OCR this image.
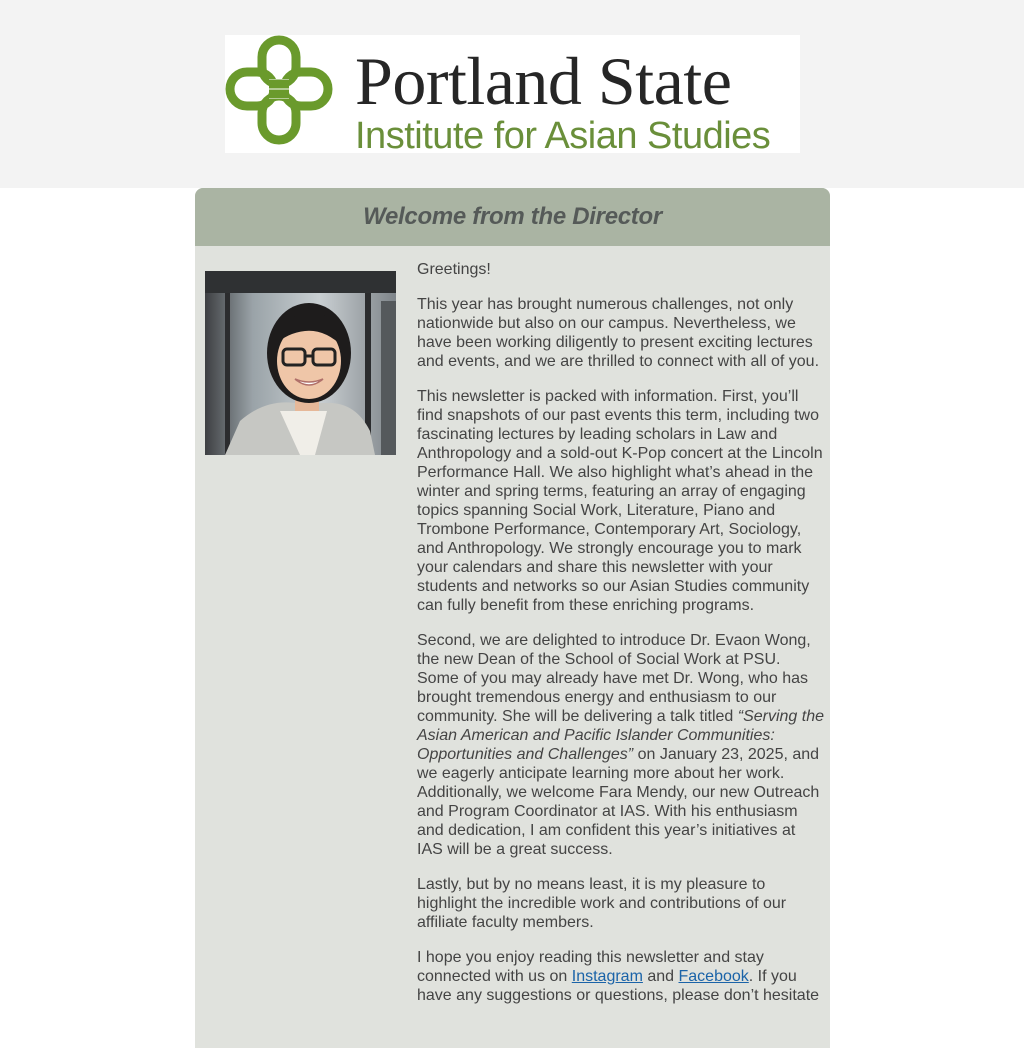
Portland State
Institute for Asian Studies
Welcome from the Director

Greetings!

This year has brought numerous challenges, not only nationwide but also on our campus. Nevertheless, we have been working diligently to present exciting lectures and events, and we are thrilled to connect with all of you.

This newsletter is packed with information. First, you’ll find snapshots of our past events this term, including two fascinating lectures by leading scholars in Law and Anthropology and a sold-out K-Pop concert at the Lincoln Performance Hall. We also highlight what’s ahead in the winter and spring terms, featuring an array of engaging topics spanning Social Work, Literature, Piano and Trombone Performance, Contemporary Art, Sociology, and Anthropology. We strongly encourage you to mark your calendars and share this newsletter with your students and networks so our Asian Studies community can fully benefit from these enriching programs.

Second, we are delighted to introduce Dr. Evaon Wong, the new Dean of the School of Social Work at PSU. Some of you may already have met Dr. Wong, who has brought tremendous energy and enthusiasm to our community. She will be delivering a talk titled “Serving the Asian American and Pacific Islander Communities: Opportunities and Challenges” on January 23, 2025, and we eagerly anticipate learning more about her work. Additionally, we welcome Fara Mendy, our new Outreach and Program Coordinator at IAS. With his enthusiasm and dedication, I am confident this year’s initiatives at IAS will be a great success.

Lastly, but by no means least, it is my pleasure to highlight the incredible work and contributions of our affiliate faculty members.

I hope you enjoy reading this newsletter and stay connected with us on Instagram and Facebook. If you have any suggestions or questions, please don’t hesitate
